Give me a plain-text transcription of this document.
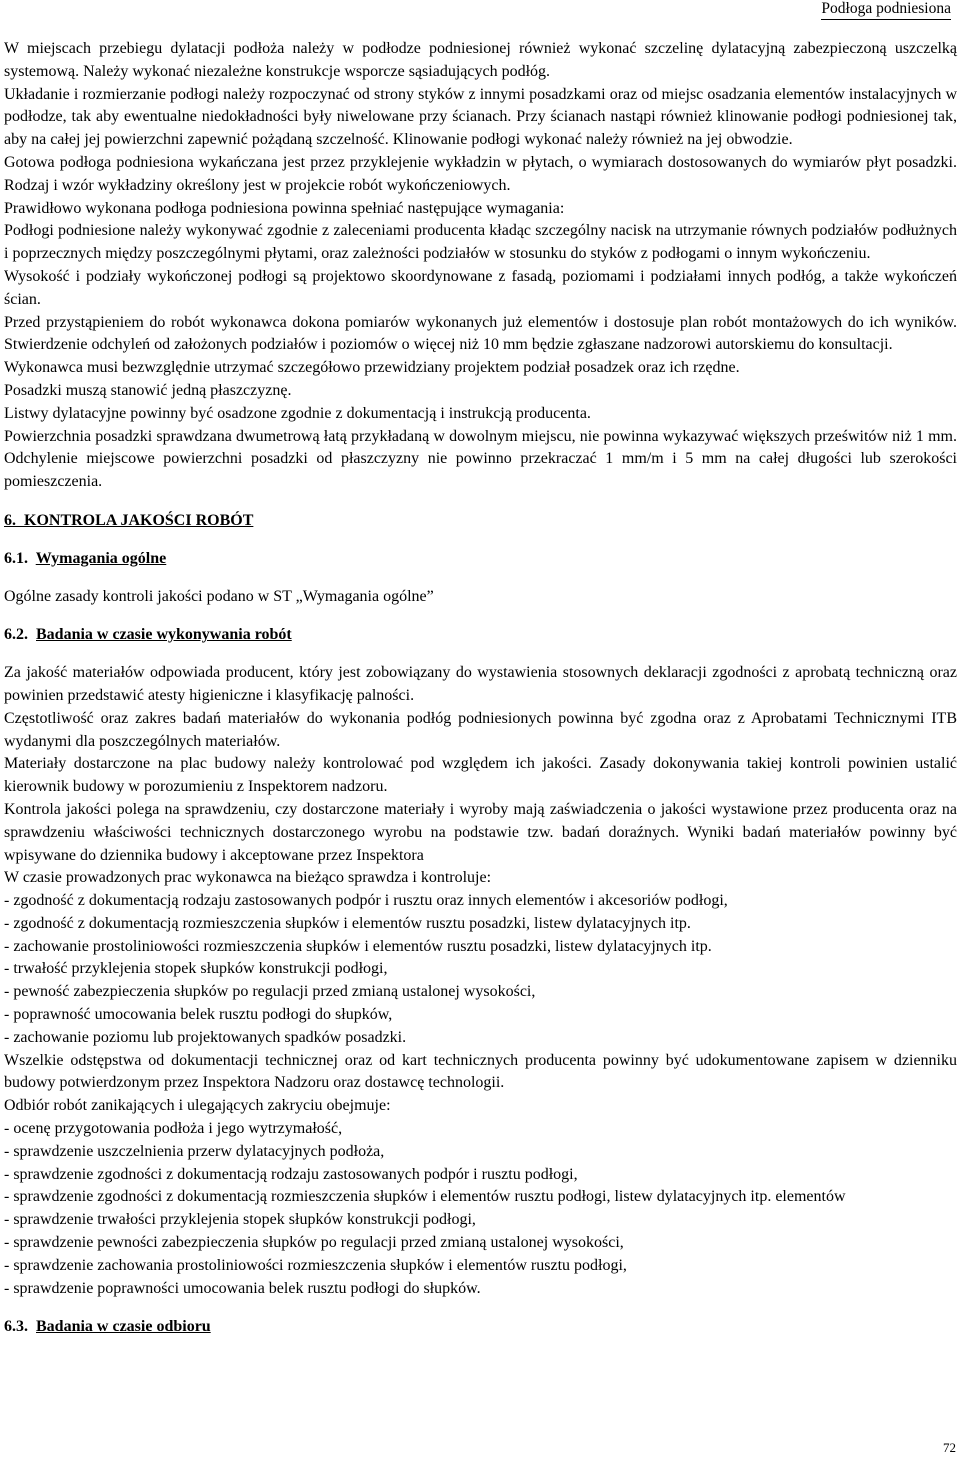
Podłoga podniesiona

W miejscach przebiegu dylatacji podłoża należy w podłodze podniesionej również wykonać szczelinę dylatacyjną zabezpieczoną uszczelką systemową. Należy wykonać niezależne konstrukcje wsporcze sąsiadujących podłóg.

Układanie i rozmierzanie podłogi należy rozpoczynać od strony styków z innymi posadzkami oraz od miejsc osadzania elementów instalacyjnych w podłodze, tak aby ewentualne niedokładności były niwelowane przy ścianach. Przy ścianach nastąpi również klinowanie podłogi podniesionej tak, aby na całej jej powierzchni zapewnić pożądaną szczelność. Klinowanie podłogi wykonać należy również na jej obwodzie.

Gotowa podłoga podniesiona wykańczana jest przez przyklejenie wykładzin w płytach, o wymiarach dostosowanych do wymiarów płyt posadzki. Rodzaj i wzór wykładziny określony jest w projekcie robót wykończeniowych.

Prawidłowo wykonana podłoga podniesiona powinna spełniać następujące wymagania:

Podłogi podniesione należy wykonywać zgodnie z zaleceniami producenta kładąc szczególny nacisk na utrzymanie równych podziałów podłużnych i poprzecznych między poszczególnymi płytami, oraz zależności podziałów w stosunku do styków z podłogami o innym wykończeniu.

Wysokość i podziały wykończonej podłogi są projektowo skoordynowane z fasadą, poziomami i podziałami innych podłóg, a także wykończeń ścian.

Przed przystąpieniem do robót wykonawca dokona pomiarów wykonanych już elementów i dostosuje plan robót montażowych do ich wyników. Stwierdzenie odchyleń od założonych podziałów i poziomów o więcej niż 10 mm będzie zgłaszane nadzorowi autorskiemu do konsultacji.

Wykonawca musi bezwzględnie utrzymać szczegółowo przewidziany projektem podział posadzek oraz ich rzędne.

Posadzki muszą stanowić jedną płaszczyznę.

Listwy dylatacyjne powinny być osadzone zgodnie z dokumentacją i instrukcją producenta.

Powierzchnia posadzki sprawdzana dwumetrową łatą przykładaną w dowolnym miejscu, nie powinna wykazywać większych prześwitów niż 1 mm. Odchylenie miejscowe powierzchni posadzki od płaszczyzny nie powinno przekraczać 1 mm/m i 5 mm na całej długości lub szerokości pomieszczenia.

6. KONTROLA JAKOŚCI ROBÓT

6.1. Wymagania ogólne

Ogólne zasady kontroli jakości podano w ST „Wymagania ogólne”

6.2. Badania w czasie wykonywania robót

Za jakość materiałów odpowiada producent, który jest zobowiązany do wystawienia stosownych deklaracji zgodności z aprobatą techniczną oraz powinien przedstawić atesty higieniczne i klasyfikację palności.

Częstotliwość oraz zakres badań materiałów do wykonania podłóg podniesionych powinna być zgodna oraz z Aprobatami Technicznymi ITB wydanymi dla poszczególnych materiałów.

Materiały dostarczone na plac budowy należy kontrolować pod względem ich jakości. Zasady dokonywania takiej kontroli powinien ustalić kierownik budowy w porozumieniu z Inspektorem nadzoru.

Kontrola jakości polega na sprawdzeniu, czy dostarczone materiały i wyroby mają zaświadczenia o jakości wystawione przez producenta oraz na sprawdzeniu właściwości technicznych dostarczonego wyrobu na podstawie tzw. badań doraźnych. Wyniki badań materiałów powinny być wpisywane do dziennika budowy i akceptowane przez Inspektora

W czasie prowadzonych prac wykonawca na bieżąco sprawdza i kontroluje:

- zgodność z dokumentacją rodzaju zastosowanych podpór i rusztu oraz innych elementów i akcesoriów podłogi,

- zgodność z dokumentacją rozmieszczenia słupków i elementów rusztu posadzki, listew dylatacyjnych itp.

- zachowanie prostoliniowości rozmieszczenia słupków i elementów rusztu posadzki, listew dylatacyjnych itp.

- trwałość przyklejenia stopek słupków konstrukcji podłogi,

- pewność zabezpieczenia słupków po regulacji przed zmianą ustalonej wysokości,

- poprawność umocowania belek rusztu podłogi do słupków,

- zachowanie poziomu lub projektowanych spadków posadzki.

Wszelkie odstępstwa od dokumentacji technicznej oraz od kart technicznych producenta powinny być udokumentowane zapisem w dzienniku budowy potwierdzonym przez Inspektora Nadzoru oraz dostawcę technologii.

Odbiór robót zanikających i ulegających zakryciu obejmuje:

- ocenę przygotowania podłoża i jego wytrzymałość,

- sprawdzenie uszczelnienia przerw dylatacyjnych podłoża,

- sprawdzenie zgodności z dokumentacją rodzaju zastosowanych podpór i rusztu podłogi,

- sprawdzenie zgodności z dokumentacją rozmieszczenia słupków i elementów rusztu podłogi, listew dylatacyjnych itp. elementów

- sprawdzenie trwałości przyklejenia stopek słupków konstrukcji podłogi,

- sprawdzenie pewności zabezpieczenia słupków po regulacji przed zmianą ustalonej wysokości,

- sprawdzenie zachowania prostoliniowości rozmieszczenia słupków i elementów rusztu podłogi,

- sprawdzenie poprawności umocowania belek rusztu podłogi do słupków.

6.3. Badania w czasie odbioru

72
